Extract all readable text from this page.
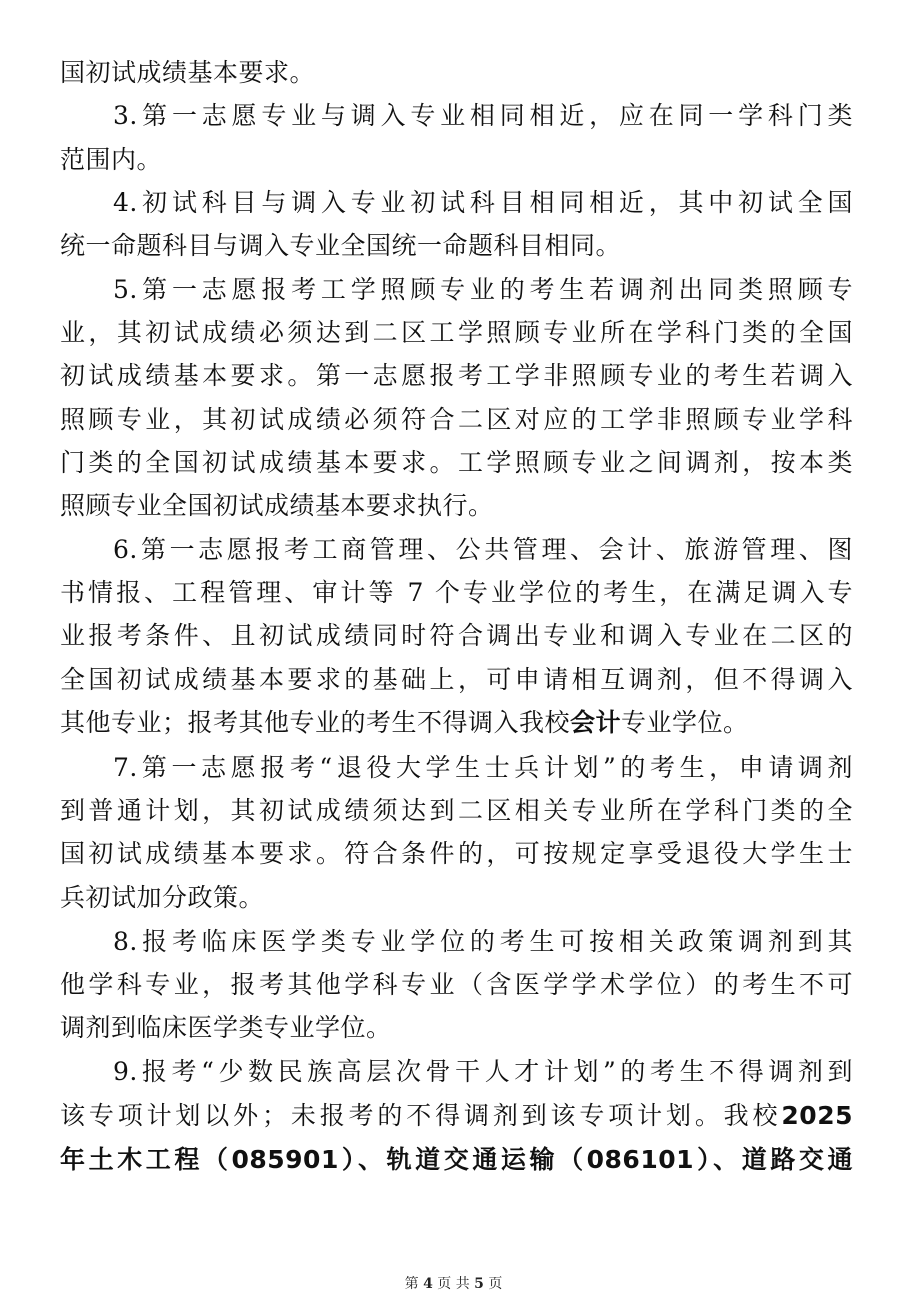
国初试成绩基本要求。
3.第一志愿专业与调入专业相同相近，应在同一学科门类
范围内。
4.初试科目与调入专业初试科目相同相近，其中初试全国
统一命题科目与调入专业全国统一命题科目相同。
5.第一志愿报考工学照顾专业的考生若调剂出同类照顾专
业，其初试成绩必须达到二区工学照顾专业所在学科门类的全国
初试成绩基本要求。第一志愿报考工学非照顾专业的考生若调入
照顾专业，其初试成绩必须符合二区对应的工学非照顾专业学科
门类的全国初试成绩基本要求。工学照顾专业之间调剂，按本类
照顾专业全国初试成绩基本要求执行。
6.第一志愿报考工商管理、公共管理、会计、旅游管理、图
书情报、工程管理、审计等 7 个专业学位的考生，在满足调入专
业报考条件、且初试成绩同时符合调出专业和调入专业在二区的
全国初试成绩基本要求的基础上，可申请相互调剂，但不得调入
其他专业；报考其他专业的考生不得调入我校会计专业学位。
7.第一志愿报考“退役大学生士兵计划”的考生，申请调剂
到普通计划，其初试成绩须达到二区相关专业所在学科门类的全
国初试成绩基本要求。符合条件的，可按规定享受退役大学生士
兵初试加分政策。
8.报考临床医学类专业学位的考生可按相关政策调剂到其
他学科专业，报考其他学科专业（含医学学术学位）的考生不可
调剂到临床医学类专业学位。
9.报考“少数民族高层次骨干人才计划”的考生不得调剂到
该专项计划以外；未报考的不得调剂到该专项计划。我校2025
年土木工程（085901）、轨道交通运输（086101）、道路交通
第 4 页 共 5 页
